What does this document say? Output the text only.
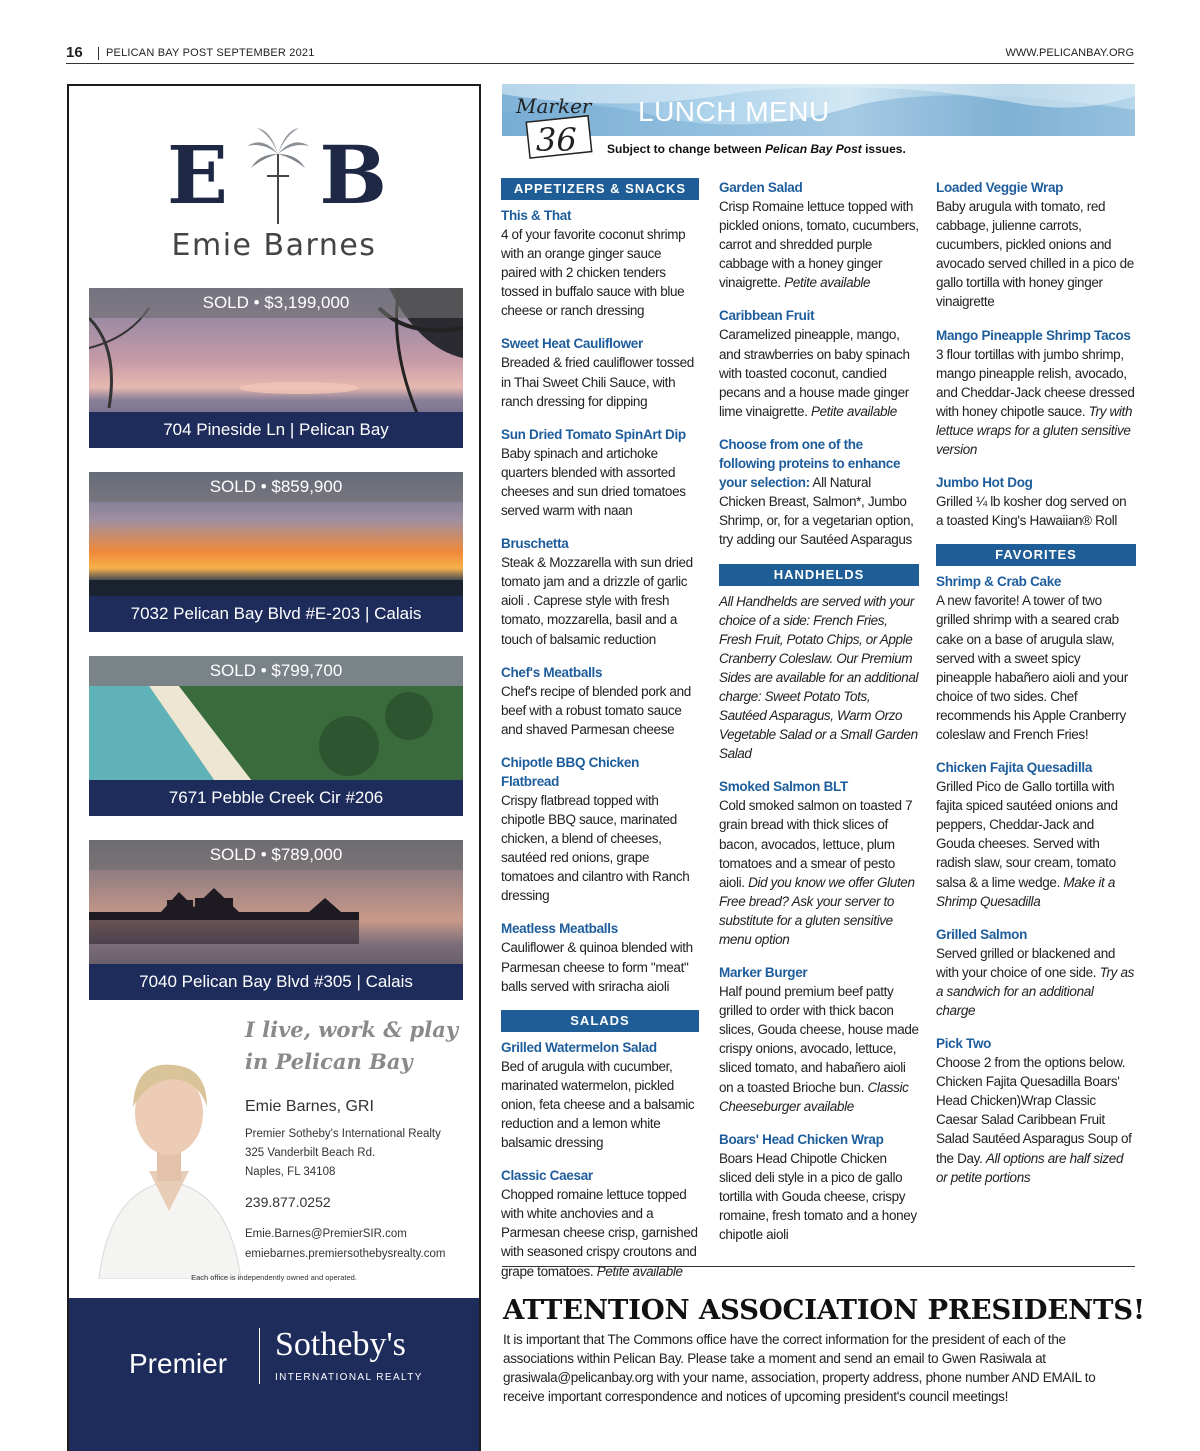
16 PELICAN BAY POST SEPTEMBER 2021	WWW.PELICANBAY.ORG
E B
Emie Barnes
SOLD • $3,199,000
704 Pineside Ln | Pelican Bay
SOLD • $859,900
7032 Pelican Bay Blvd #E-203 | Calais
SOLD • $799,700
7671 Pebble Creek Cir #206
SOLD • $789,000
7040 Pelican Bay Blvd #305 | Calais
I live, work & play
in Pelican Bay
Emie Barnes, GRI
Premier Sotheby's International Realty
325 Vanderbilt Beach Rd.
Naples, FL 34108
239.877.0252
Emie.Barnes@PremierSIR.com
emiebarnes.premiersothebysrealty.com
Each office is independently owned and operated.
Premier
Sotheby's
INTERNATIONAL REALTY
LUNCH MENU
Marker
36	Subject to change between Pelican Bay Post issues.
APPETIZERS & SNACKS
This & That

4 of your favorite coconut shrimp with an orange ginger sauce paired with 2 chicken tenders tossed in buffalo sauce with blue cheese or ranch dressing

Sweet Heat Cauliflower

Breaded & fried cauliflower tossed in Thai Sweet Chili Sauce, with ranch dressing for dipping

Sun Dried Tomato SpinArt Dip

Baby spinach and artichoke quarters blended with assorted cheeses and sun dried tomatoes served warm with naan

Bruschetta

Steak & Mozzarella with sun dried tomato jam and a drizzle of garlic aioli . Caprese style with fresh tomato, mozzarella, basil and a touch of balsamic reduction

Chef's Meatballs

Chef's recipe of blended pork and beef with a robust tomato sauce and shaved Parmesan cheese

Chipotle BBQ Chicken Flatbread

Crispy flatbread topped with chipotle BBQ sauce, marinated chicken, a blend of cheeses, sautéed red onions, grape tomatoes and cilantro with Ranch dressing

Meatless Meatballs

Cauliflower & quinoa blended with Parmesan cheese to form "meat" balls served with sriracha aioli

SALADS
Grilled Watermelon Salad

Bed of arugula with cucumber, marinated watermelon, pickled onion, feta cheese and a balsamic reduction and a lemon white balsamic dressing

Classic Caesar

Chopped romaine lettuce topped with white anchovies and a Parmesan cheese crisp, garnished with seasoned crispy croutons and grape tomatoes. Petite available

Garden Salad

Crisp Romaine lettuce topped with pickled onions, tomato, cucumbers, carrot and shredded purple cabbage with a honey ginger vinaigrette. Petite available

Caribbean Fruit

Caramelized pineapple, mango, and strawberries on baby spinach with toasted coconut, candied pecans and a house made ginger lime vinaigrette. Petite available

Choose from one of the following proteins to enhance your selection: All Natural Chicken Breast, Salmon*, Jumbo Shrimp, or, for a vegetarian option, try adding our Sautéed Asparagus

HANDHELDS
All Handhelds are served with your choice of a side: French Fries, Fresh Fruit, Potato Chips, or Apple Cranberry Coleslaw. Our Premium Sides are available for an additional charge: Sweet Potato Tots, Sautéed Asparagus, Warm Orzo Vegetable Salad or a Small Garden Salad
Smoked Salmon BLT

Cold smoked salmon on toasted 7 grain bread with thick slices of bacon, avocados, lettuce, plum tomatoes and a smear of pesto aioli. Did you know we offer Gluten Free bread? Ask your server to substitute for a gluten sensitive menu option

Marker Burger

Half pound premium beef patty grilled to order with thick bacon slices, Gouda cheese, house made crispy onions, avocado, lettuce, sliced tomato, and habañero aioli on a toasted Brioche bun. Classic Cheeseburger available

Boars' Head Chicken Wrap

Boars Head Chipotle Chicken sliced deli style in a pico de gallo tortilla with Gouda cheese, crispy romaine, fresh tomato and a honey chipotle aioli

Loaded Veggie Wrap

Baby arugula with tomato, red cabbage, julienne carrots, cucumbers, pickled onions and avocado served chilled in a pico de gallo tortilla with honey ginger vinaigrette

Mango Pineapple Shrimp Tacos

3 flour tortillas with jumbo shrimp, mango pineapple relish, avocado, and Cheddar-Jack cheese dressed with honey chipotle sauce. Try with lettuce wraps for a gluten sensitive version

Jumbo Hot Dog

Grilled ¼ lb kosher dog served on a toasted King's Hawaiian® Roll

FAVORITES
Shrimp & Crab Cake

A new favorite! A tower of two grilled shrimp with a seared crab cake on a base of arugula slaw, served with a sweet spicy pineapple habañero aioli and your choice of two sides. Chef recommends his Apple Cranberry coleslaw and French Fries!

Chicken Fajita Quesadilla

Grilled Pico de Gallo tortilla with fajita spiced sautéed onions and peppers, Cheddar-Jack and Gouda cheeses. Served with radish slaw, sour cream, tomato salsa & a lime wedge. Make it a Shrimp Quesadilla

Grilled Salmon

Served grilled or blackened and with your choice of one side. Try as a sandwich for an additional charge

Pick Two

Choose 2 from the options below. Chicken Fajita Quesadilla Boars' Head Chicken)Wrap Classic Caesar Salad Caribbean Fruit Salad Sautéed Asparagus Soup of the Day. All options are half sized or petite portions

ATTENTION ASSOCIATION PRESIDENTS!
It is important that The Commons office have the correct information for the president of each of the associations within Pelican Bay. Please take a moment and send an email to Gwen Rasiwala at grasiwala@pelicanbay.org with your name, association, property address, phone number AND EMAIL to receive important correspondence and notices of upcoming president's council meetings!
